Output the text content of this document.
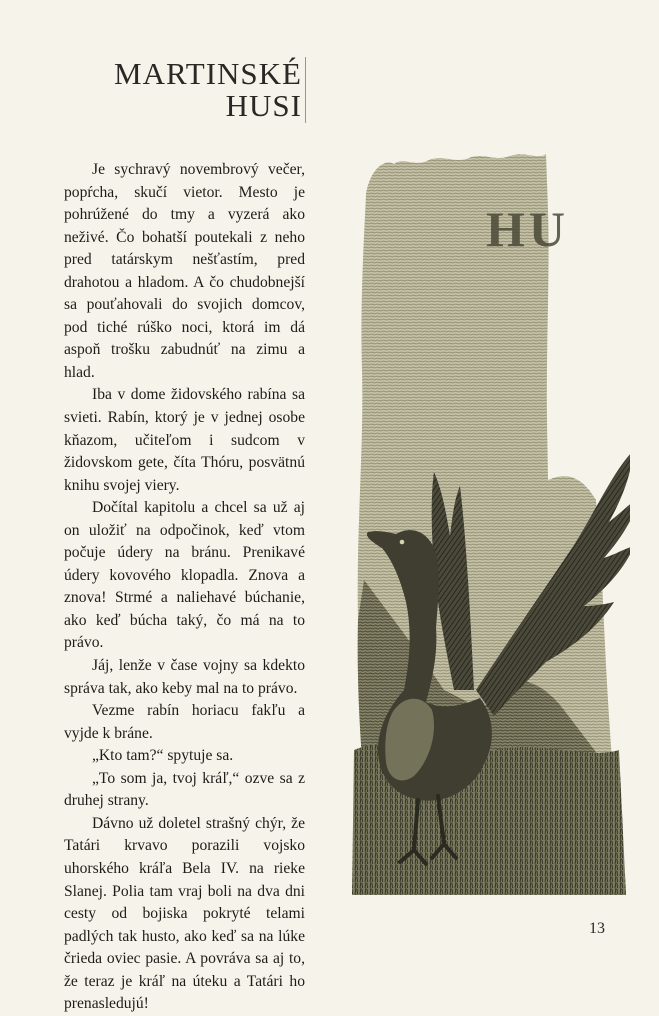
MARTINSKÉ
HUSI

Je sychravý novembrový večer, popŕcha, skučí vietor. Mesto je pohrúžené do tmy a vyzerá ako neživé. Čo bohatší poutekali z neho pred tatárskym nešťastím, pred drahotou a hladom. A čo chudobnejší sa pouťahovali do svojich domcov, pod tiché rúško noci, ktorá im dá aspoň trošku zabudnúť na zimu a hlad.

Iba v dome židovského rabína sa svieti. Rabín, ktorý je v jednej osobe kňazom, učiteľom i sudcom v židovskom gete, číta Thóru, posvätnú knihu svojej viery.

Dočítal kapitolu a chcel sa už aj on uložiť na odpočinok, keď vtom počuje údery na bránu. Prenikavé údery kovového klopadla. Znova a znova! Strmé a naliehavé búchanie, ako keď búcha taký, čo má na to právo.

Jáj, lenže v čase vojny sa kdekto správa tak, ako keby mal na to právo.

Vezme rabín horiacu fakľu a vyjde k bráne.

„Kto tam?“ spytuje sa.

„To som ja, tvoj kráľ,“ ozve sa z druhej strany.

Dávno už doletel strašný chýr, že Tatári krvavo porazili vojsko uhorského kráľa Bela IV. na rieke Slanej. Polia tam vraj boli na dva dni cesty od bojiska pokryté telami padlých tak husto, ako keď sa na lúke črieda oviec pasie. A povráva sa aj to, že teraz je kráľ na úteku a Tatári ho prenasledujú!

HU
13
